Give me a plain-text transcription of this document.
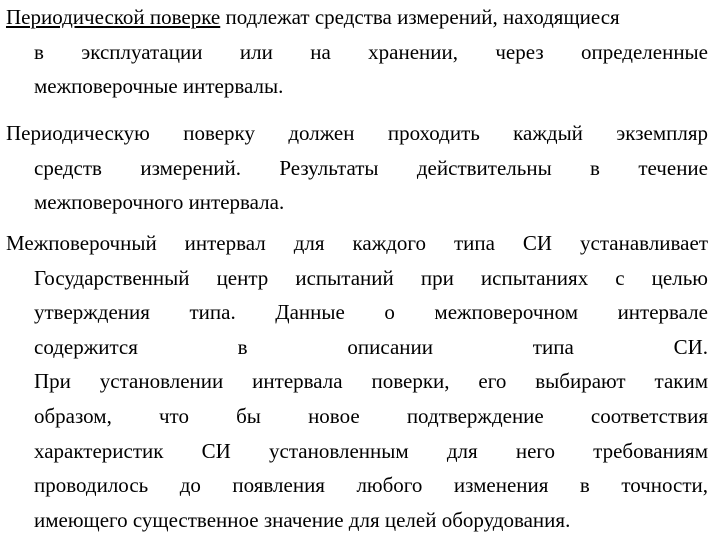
Периодической поверке подлежат средства измерений, находящиеся
в эксплуатации или на хранении, через определенные
межповерочные интервалы.
Периодическую поверку должен проходить каждый экземпляр
средств измерений. Результаты действительны в течение
межповерочного интервала.
Межповерочный интервал для каждого типа СИ устанавливает
Государственный центр испытаний при испытаниях с целью
утверждения типа. Данные о межповерочном интервале
содержится в описании типа СИ.
При установлении интервала поверки, его выбирают таким
образом, что бы новое подтверждение соответствия
характеристик СИ установленным для него требованиям
проводилось до появления любого изменения в точности,
имеющего существенное значение для целей оборудования.
